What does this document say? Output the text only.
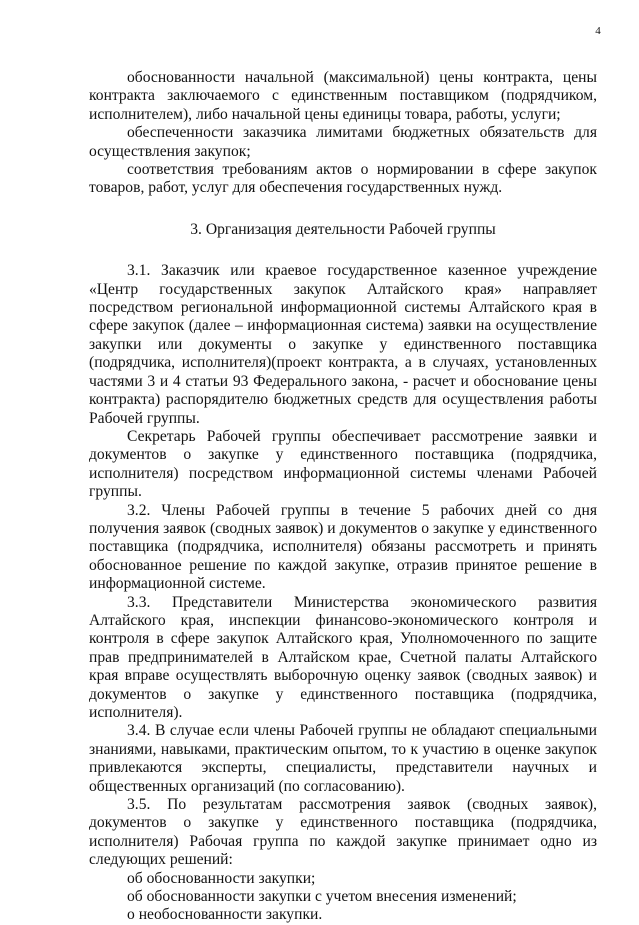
4

обоснованности начальной (максимальной) цены контракта, цены контракта заключаемого с единственным поставщиком (подрядчиком, исполнителем), либо начальной цены единицы товара, работы, услуги;

обеспеченности заказчика лимитами бюджетных обязательств для осуществления закупок;

соответствия требованиям актов о нормировании в сфере закупок товаров, работ, услуг для обеспечения государственных нужд.

3. Организация деятельности Рабочей группы

3.1. Заказчик или краевое государственное казенное учреждение «Центр государственных закупок Алтайского края» направляет посредством региональной информационной системы Алтайского края в сфере закупок (далее – информационная система) заявки на осуществление закупки или документы о закупке у единственного поставщика (подрядчика, исполнителя)(проект контракта, а в случаях, установленных частями 3 и 4 статьи 93 Федерального закона, - расчет и обоснование цены контракта) распорядителю бюджетных средств для осуществления работы Рабочей группы.

Секретарь Рабочей группы обеспечивает рассмотрение заявки и документов о закупке у единственного поставщика (подрядчика, исполнителя) посредством информационной системы членами Рабочей группы.

3.2. Члены Рабочей группы в течение 5 рабочих дней со дня получения заявок (сводных заявок) и документов о закупке у единственного поставщика (подрядчика, исполнителя) обязаны рассмотреть и принять обоснованное решение по каждой закупке, отразив принятое решение в информационной системе.

3.3. Представители Министерства экономического развития Алтайского края, инспекции финансово-экономического контроля и контроля в сфере закупок Алтайского края, Уполномоченного по защите прав предпринимателей в Алтайском крае, Счетной палаты Алтайского края вправе осуществлять выборочную оценку заявок (сводных заявок) и документов о закупке у единственного поставщика (подрядчика, исполнителя).

3.4. В случае если члены Рабочей группы не обладают специальными знаниями, навыками, практическим опытом, то к участию в оценке закупок привлекаются эксперты, специалисты, представители научных и общественных организаций (по согласованию).

3.5. По результатам рассмотрения заявок (сводных заявок), документов о закупке у единственного поставщика (подрядчика, исполнителя) Рабочая группа по каждой закупке принимает одно из следующих решений:

об обоснованности закупки;

об обоснованности закупки с учетом внесения изменений;

о необоснованности закупки.
